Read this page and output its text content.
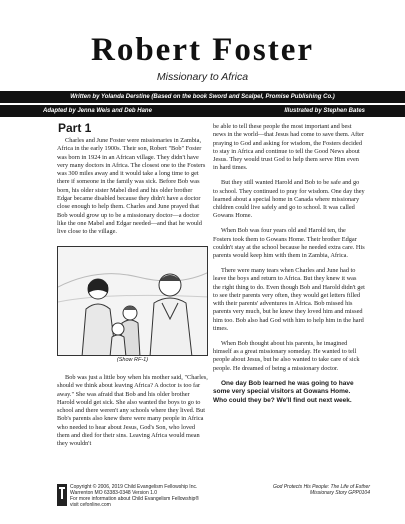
Robert Foster
Missionary to Africa
Written by Yolanda Derstine (Based on the book Sword and Scalpel, Promise Publishing Co.)
Adapted by Jenna Weis and Deb Hane	Illustrated by Stephen Bates
Part 1

Charles and June Foster were missionaries in Zambia, Africa in the early 1900s. Their son, Robert "Bob" Foster was born in 1924 in an African village. They didn't have very many doctors in Africa. The closest one to the Fosters was 300 miles away and it would take a long time to get there if someone in the family was sick. Before Bob was born, his older sister Mabel died and his older brother Edgar became disabled because they didn't have a doctor close enough to help them. Charles and June prayed that Bob would grow up to be a missionary doctor—a doctor like the one Mabel and Edgar needed—and that he would live close to the village.

(Show RF-1)

Bob was just a little boy when his mother said, "Charles, should we think about leaving Africa? A doctor is too far away." She was afraid that Bob and his older brother Harold would get sick. She also wanted the boys to go to school and there weren't any schools where they lived. But Bob's parents also knew there were many people in Africa who needed to hear about Jesus, God's Son, who loved them and died for their sins. Leaving Africa would mean they wouldn't

be able to tell these people the most important and best news in the world—that Jesus had come to save them. After praying to God and asking for wisdom, the Fosters decided to stay in Africa and continue to tell the Good News about Jesus. They would trust God to help them serve Him even in hard times.

But they still wanted Harold and Bob to be safe and go to school. They continued to pray for wisdom. One day they learned about a special home in Canada where missionary children could live safely and go to school. It was called Gowans Home.

When Bob was four years old and Harold ten, the Fosters took them to Gowans Home. Their brother Edgar couldn't stay at the school because he needed extra care. His parents would keep him with them in Zambia, Africa.

There were many tears when Charles and June had to leave the boys and return to Africa. But they knew it was the right thing to do. Even though Bob and Harold didn't get to see their parents very often, they would get letters filled with their parents' adventures in Africa. Bob missed his parents very much, but he knew they loved him and missed him too. Bob also had God with him to help him in the hard times.

When Bob thought about his parents, he imagined himself as a great missionary someday. He wanted to tell people about Jesus, but he also wanted to take care of sick people. He dreamed of being a missionary doctor.

One day Bob learned he was going to have some very special visitors at Gowans Home. Who could they be? We'll find out next week.

Copyright © 2006, 2019 Child Evangelism Fellowship Inc.
Warrenton MO 63383-0348 Version 1.0
For more information about Child Evangelism Fellowship®
visit cefonline.com
God Protects His People: The Life of Esther
Missionary Story GPP0104
